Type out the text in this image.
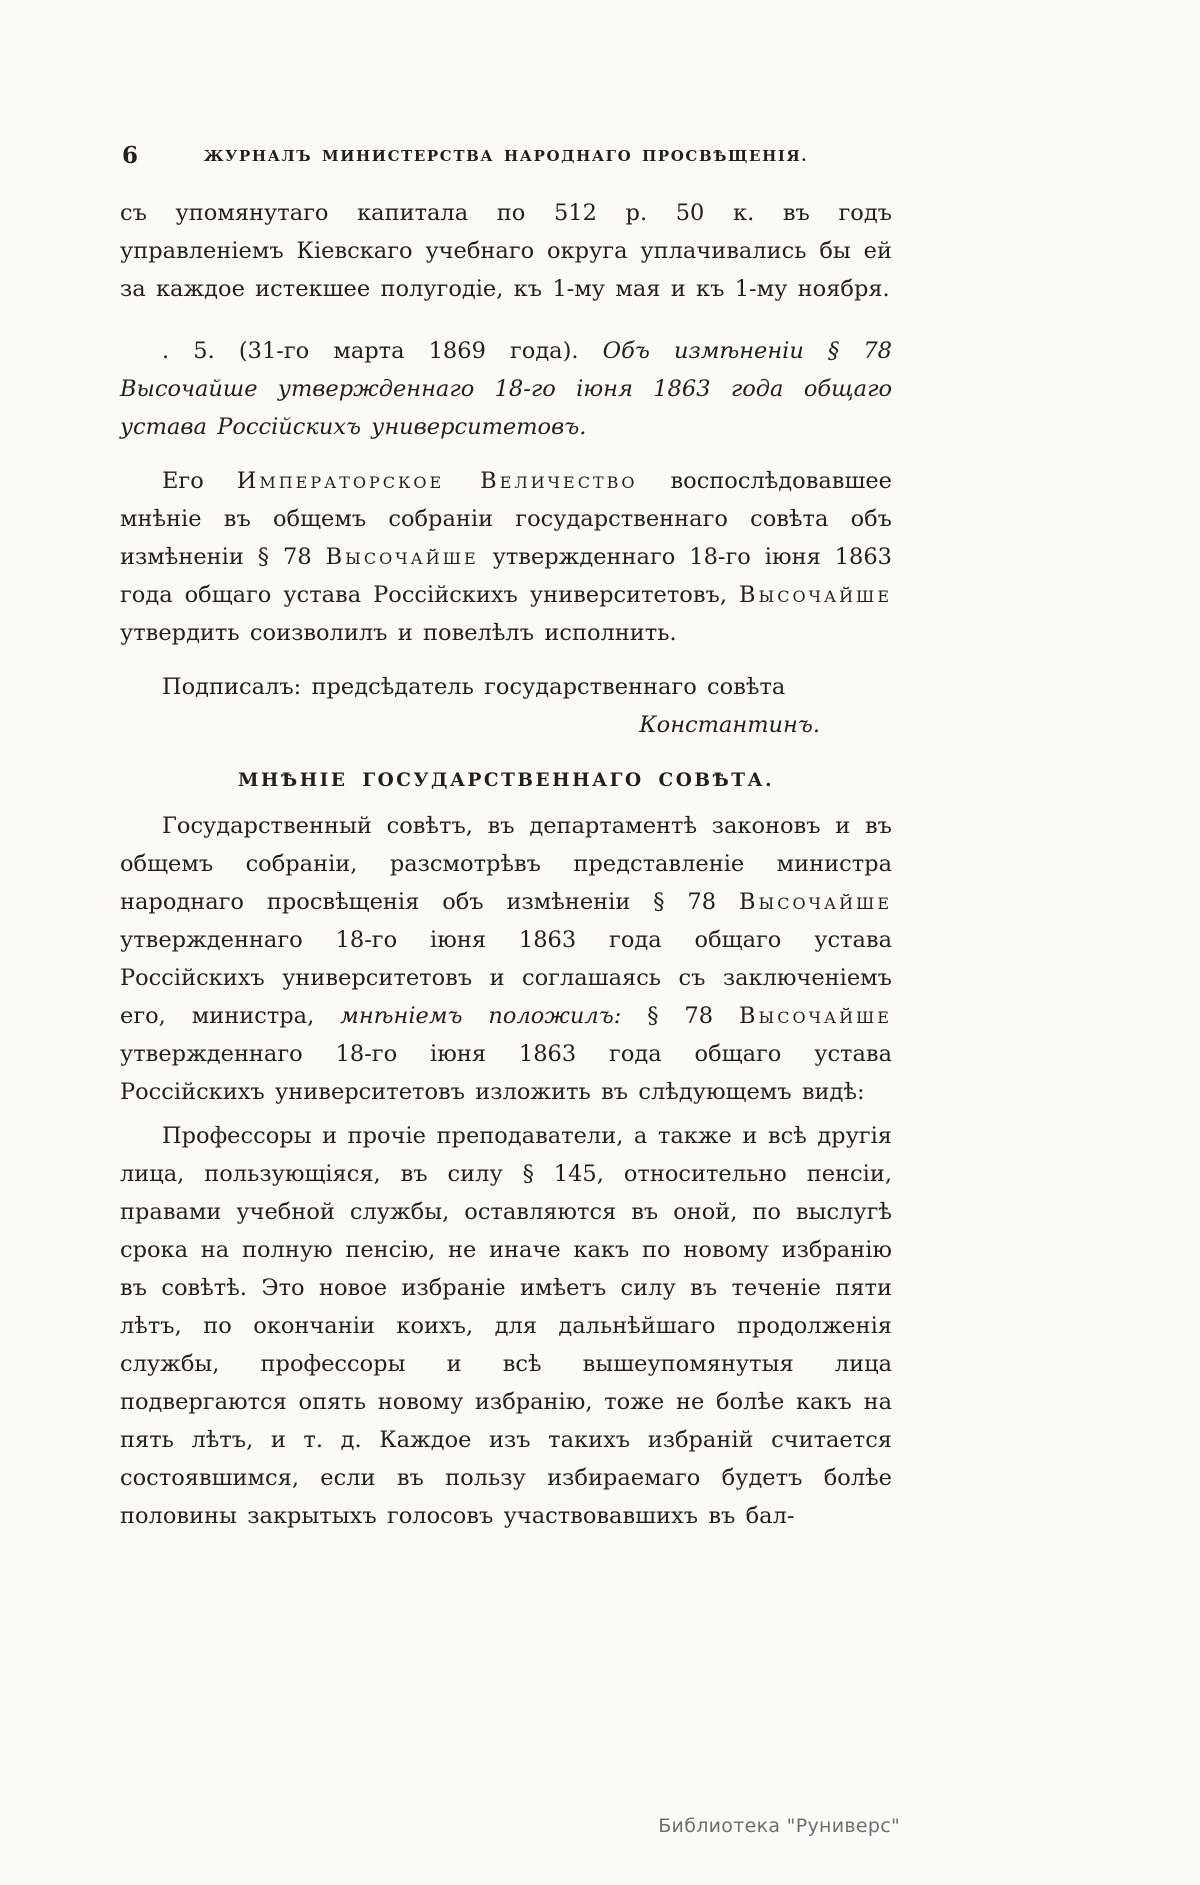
6	ЖУРНАЛЪ МИНИСТЕРСТВА НАРОДНАГО ПРОСВѢЩЕНІЯ.

съ упомянутаго капитала по 512 р. 50 к. въ годъ управленіемъ Кіевскаго учебнаго округа уплачивались бы ей за каждое истекшее полугодіе, къ 1-му мая и къ 1-му ноября.

. 5. (31-го марта 1869 года). Объ измѣненіи § 78 Высочайше утвержденнаго 18-го іюня 1863 года общаго устава Россійскихъ университетовъ.

Его Императорское Величество воспослѣдовавшее мнѣніе въ общемъ собраніи государственнаго совѣта объ измѣненіи § 78 Высочайше утвержденнаго 18-го іюня 1863 года общаго устава Россійскихъ университетовъ, Высочайше утвердить соизволилъ и повелѣлъ исполнить.

Подписалъ: предсѣдатель государственнаго совѣта

Константинъ.

МНѢНІЕ ГОСУДАРСТВЕННАГО СОВѢТА.

Государственный совѣтъ, въ департаментѣ законовъ и въ общемъ собраніи, разсмотрѣвъ представленіе министра народнаго просвѣщенія объ измѣненіи § 78 Высочайше утвержденнаго 18-го іюня 1863 года общаго устава Россійскихъ университетовъ и соглашаясь съ заключеніемъ его, министра, мнѣніемъ положилъ: § 78 Высочайше утвержденнаго 18-го іюня 1863 года общаго устава Россійскихъ университетовъ изложить въ слѣдующемъ видѣ:

Профессоры и прочіе преподаватели, а также и всѣ другія лица, пользующіяся, въ силу § 145, относительно пенсіи, правами учебной службы, оставляются въ оной, по выслугѣ срока на полную пенсію, не иначе какъ по новому избранію въ совѣтѣ. Это новое избраніе имѣетъ силу въ теченіе пяти лѣтъ, по окончаніи коихъ, для дальнѣйшаго продолженія службы, профессоры и всѣ вышеупомянутыя лица подвергаются опять новому избранію, тоже не болѣе какъ на пять лѣтъ, и т. д. Каждое изъ такихъ избраній считается состоявшимся, если въ пользу избираемаго будетъ болѣе половины закрытыхъ голосовъ участвовавшихъ въ бал-

Библиотека "Руниверс"
